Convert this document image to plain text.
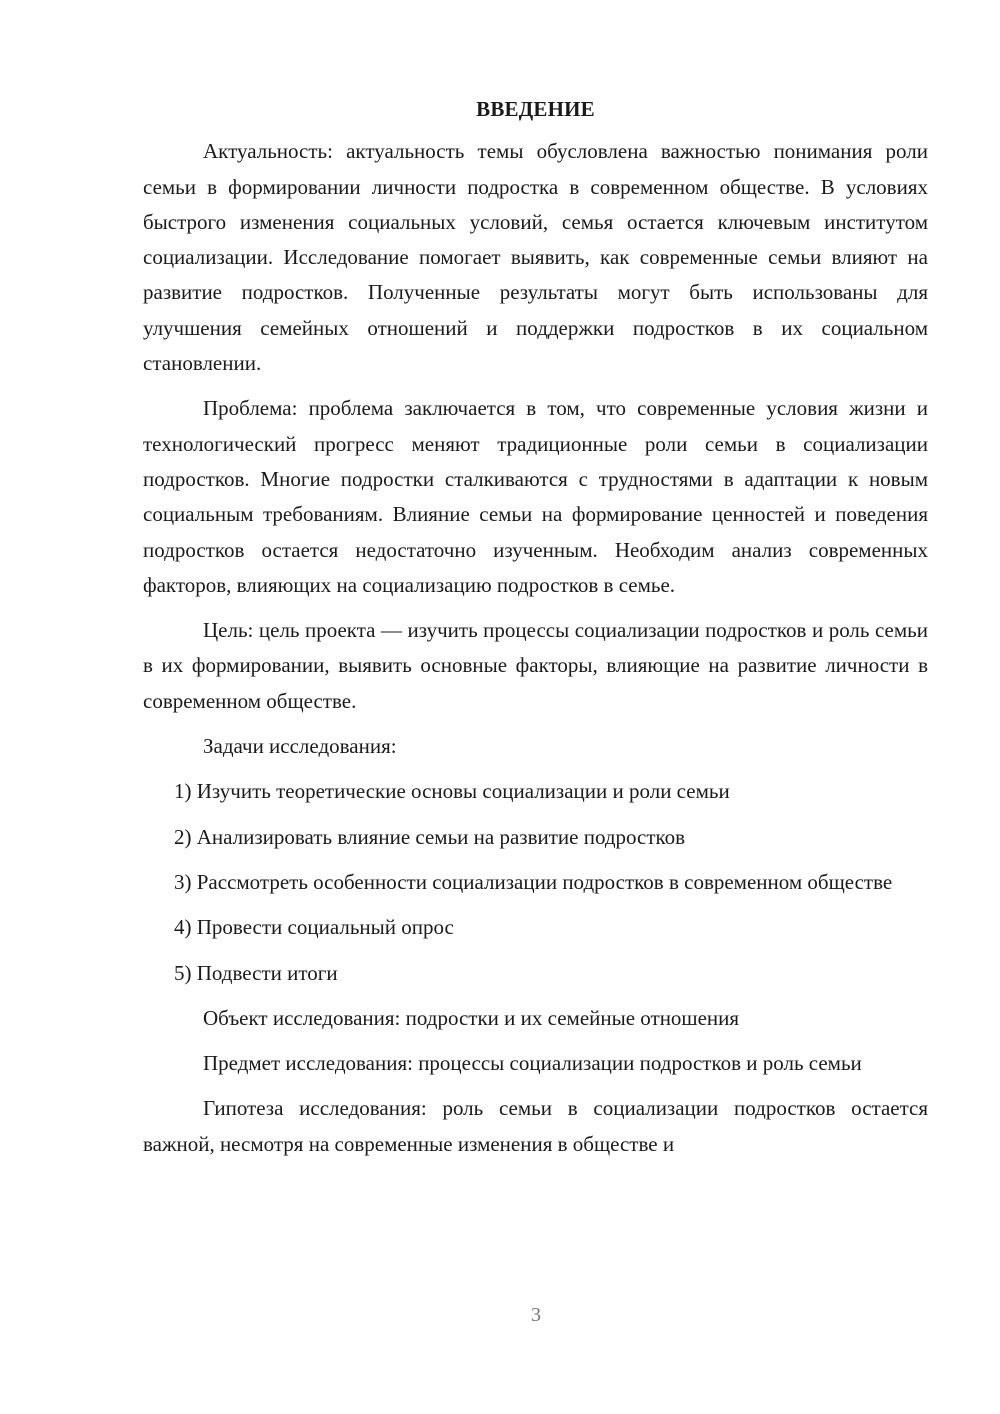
ВВЕДЕНИЕ

Актуальность: актуальность темы обусловлена важностью понимания роли семьи в формировании личности подростка в современном обществе. В условиях быстрого изменения социальных условий, семья остается ключевым институтом социализации. Исследование помогает выявить, как современные семьи влияют на развитие подростков. Полученные результаты могут быть использованы для улучшения семейных отношений и поддержки подростков в их социальном становлении.

Проблема: проблема заключается в том, что современные условия жизни и технологический прогресс меняют традиционные роли семьи в социализации подростков. Многие подростки сталкиваются с трудностями в адаптации к новым социальным требованиям. Влияние семьи на формирование ценностей и поведения подростков остается недостаточно изученным. Необходим анализ современных факторов, влияющих на социализацию подростков в семье.

Цель: цель проекта — изучить процессы социализации подростков и роль семьи в их формировании, выявить основные факторы, влияющие на развитие личности в современном обществе.

Задачи исследования:

1) Изучить теоретические основы социализации и роли семьи

2) Анализировать влияние семьи на развитие подростков

3) Рассмотреть особенности социализации подростков в современном обществе

4) Провести социальный опрос

5) Подвести итоги

Объект исследования: подростки и их семейные отношения

Предмет исследования: процессы социализации подростков и роль семьи

Гипотеза исследования: роль семьи в социализации подростков остается важной, несмотря на современные изменения в обществе и

3
